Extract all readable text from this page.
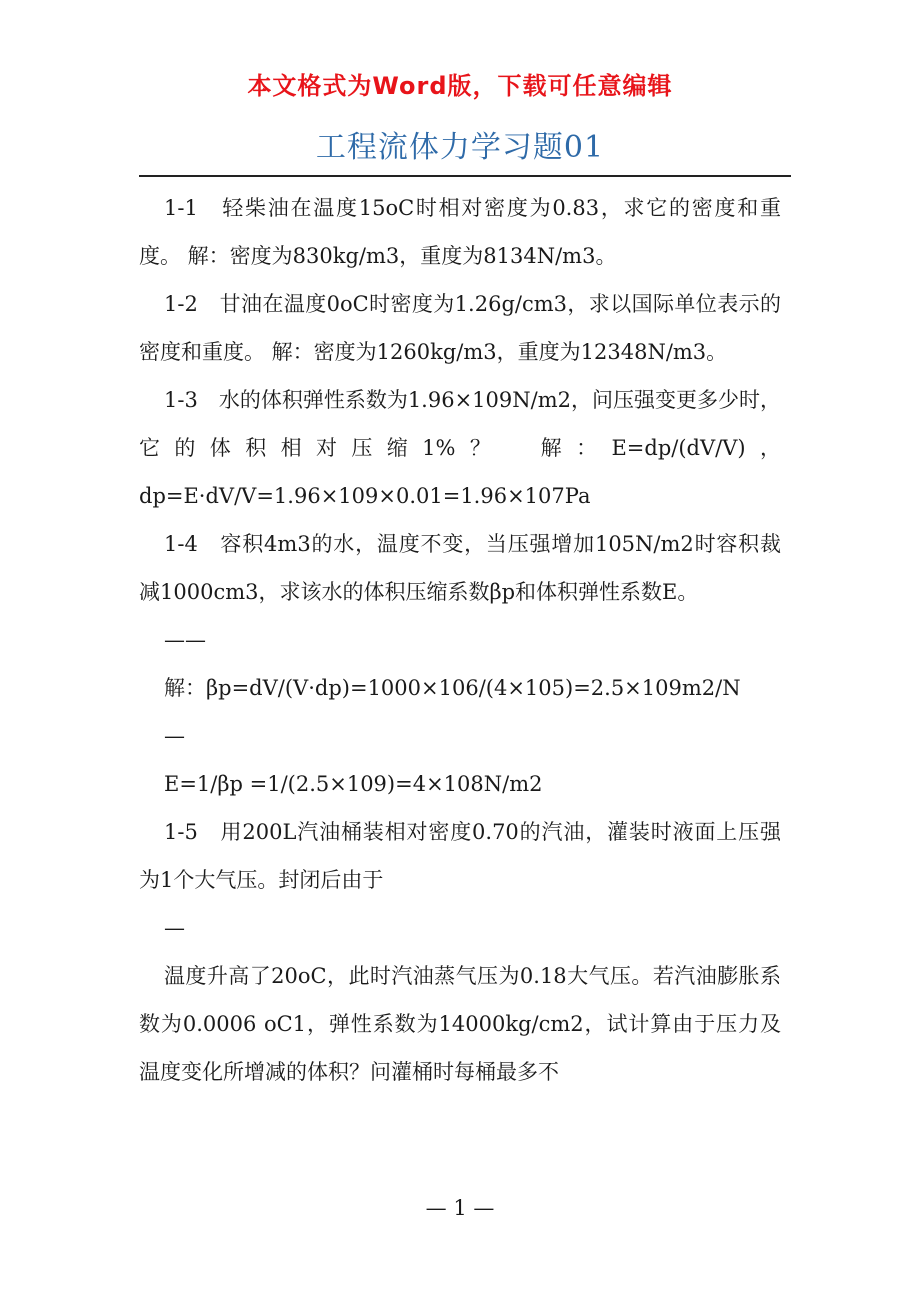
本文格式为Word版，下载可任意编辑
工程流体力学习题01

1-1　轻柴油在温度15oC时相对密度为0.83，求它的密度和重度。 解：密度为830kg/m3，重度为8134N/m3。

1-2　甘油在温度0oC时密度为1.26g/cm3，求以国际单位表示的密度和重度。 解：密度为1260kg/m3，重度为12348N/m3。

1-3　水的体积弹性系数为1.96×109N/m2，问压强变更多少时，它的体积相对压缩1%？　解：E=dp/(dV/V)，dp=E·dV/V=1.96×109×0.01=1.96×107Pa

1-4　容积4m3的水，温度不变，当压强增加105N/m2时容积裁减1000cm3，求该水的体积压缩系数βp和体积弹性系数E。

——

解：βp=dV/(V·dp)=1000×106/(4×105)=2.5×109m2/N

—

E=1/βp =1/(2.5×109)=4×108N/m2

1-5　用200L汽油桶装相对密度0.70的汽油，灌装时液面上压强为1个大气压。封闭后由于

—

温度升高了20oC，此时汽油蒸气压为0.18大气压。若汽油膨胀系数为0.0006 oC1，弹性系数为14000kg/cm2，试计算由于压力及温度变化所增减的体积？问灌桶时每桶最多不

— 1 —
